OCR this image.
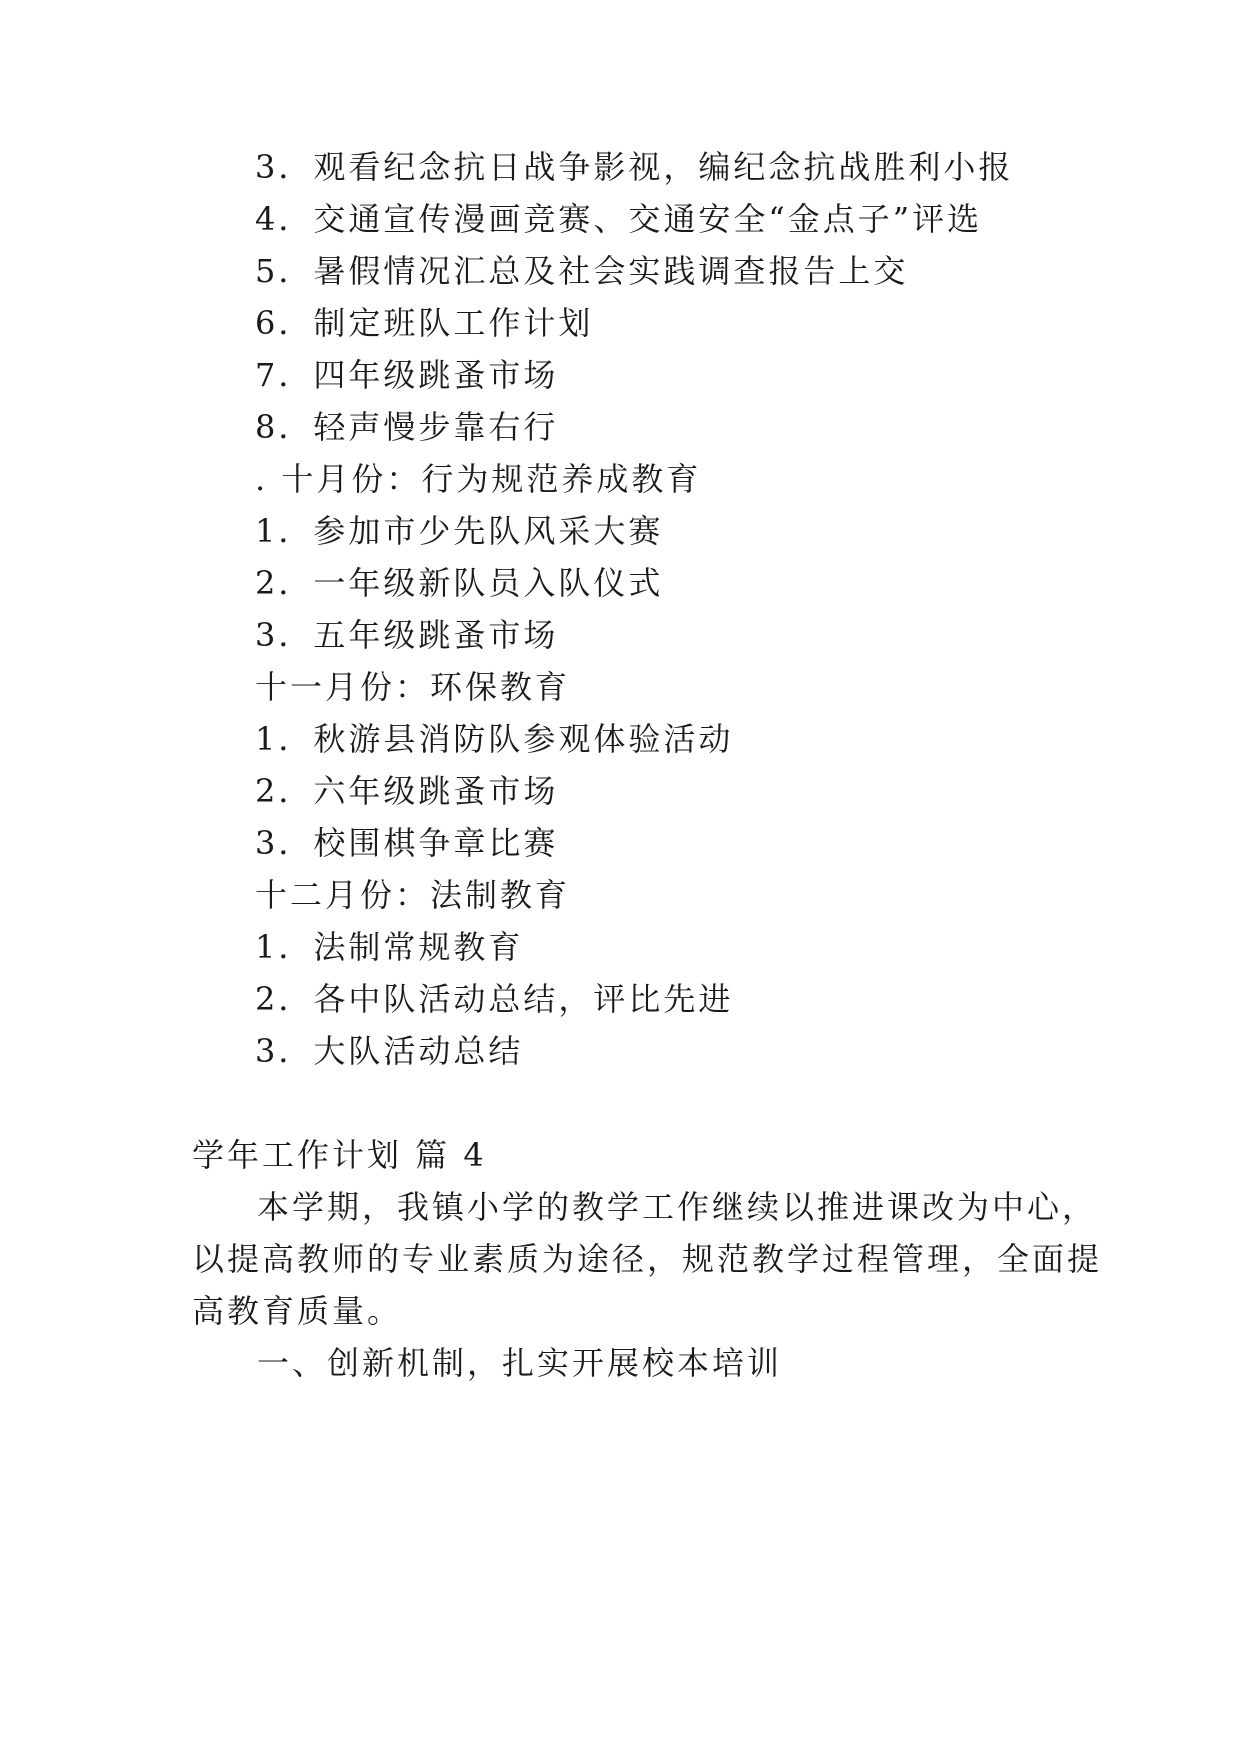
3．观看纪念抗日战争影视，编纪念抗战胜利小报
4．交通宣传漫画竞赛、交通安全“金点子”评选
5．暑假情况汇总及社会实践调查报告上交
6．制定班队工作计划
7．四年级跳蚤市场
8．轻声慢步靠右行
. 十月份：行为规范养成教育
1．参加市少先队风采大赛
2．一年级新队员入队仪式
3．五年级跳蚤市场
十一月份：环保教育
1．秋游县消防队参观体验活动
2．六年级跳蚤市场
3．校围棋争章比赛
十二月份：法制教育
1．法制常规教育
2．各中队活动总结，评比先进
3．大队活动总结
学年工作计划 篇 4
本学期，我镇小学的教学工作继续以推进课改为中心，
以提高教师的专业素质为途径，规范教学过程管理，全面提
高教育质量。
一、创新机制，扎实开展校本培训
